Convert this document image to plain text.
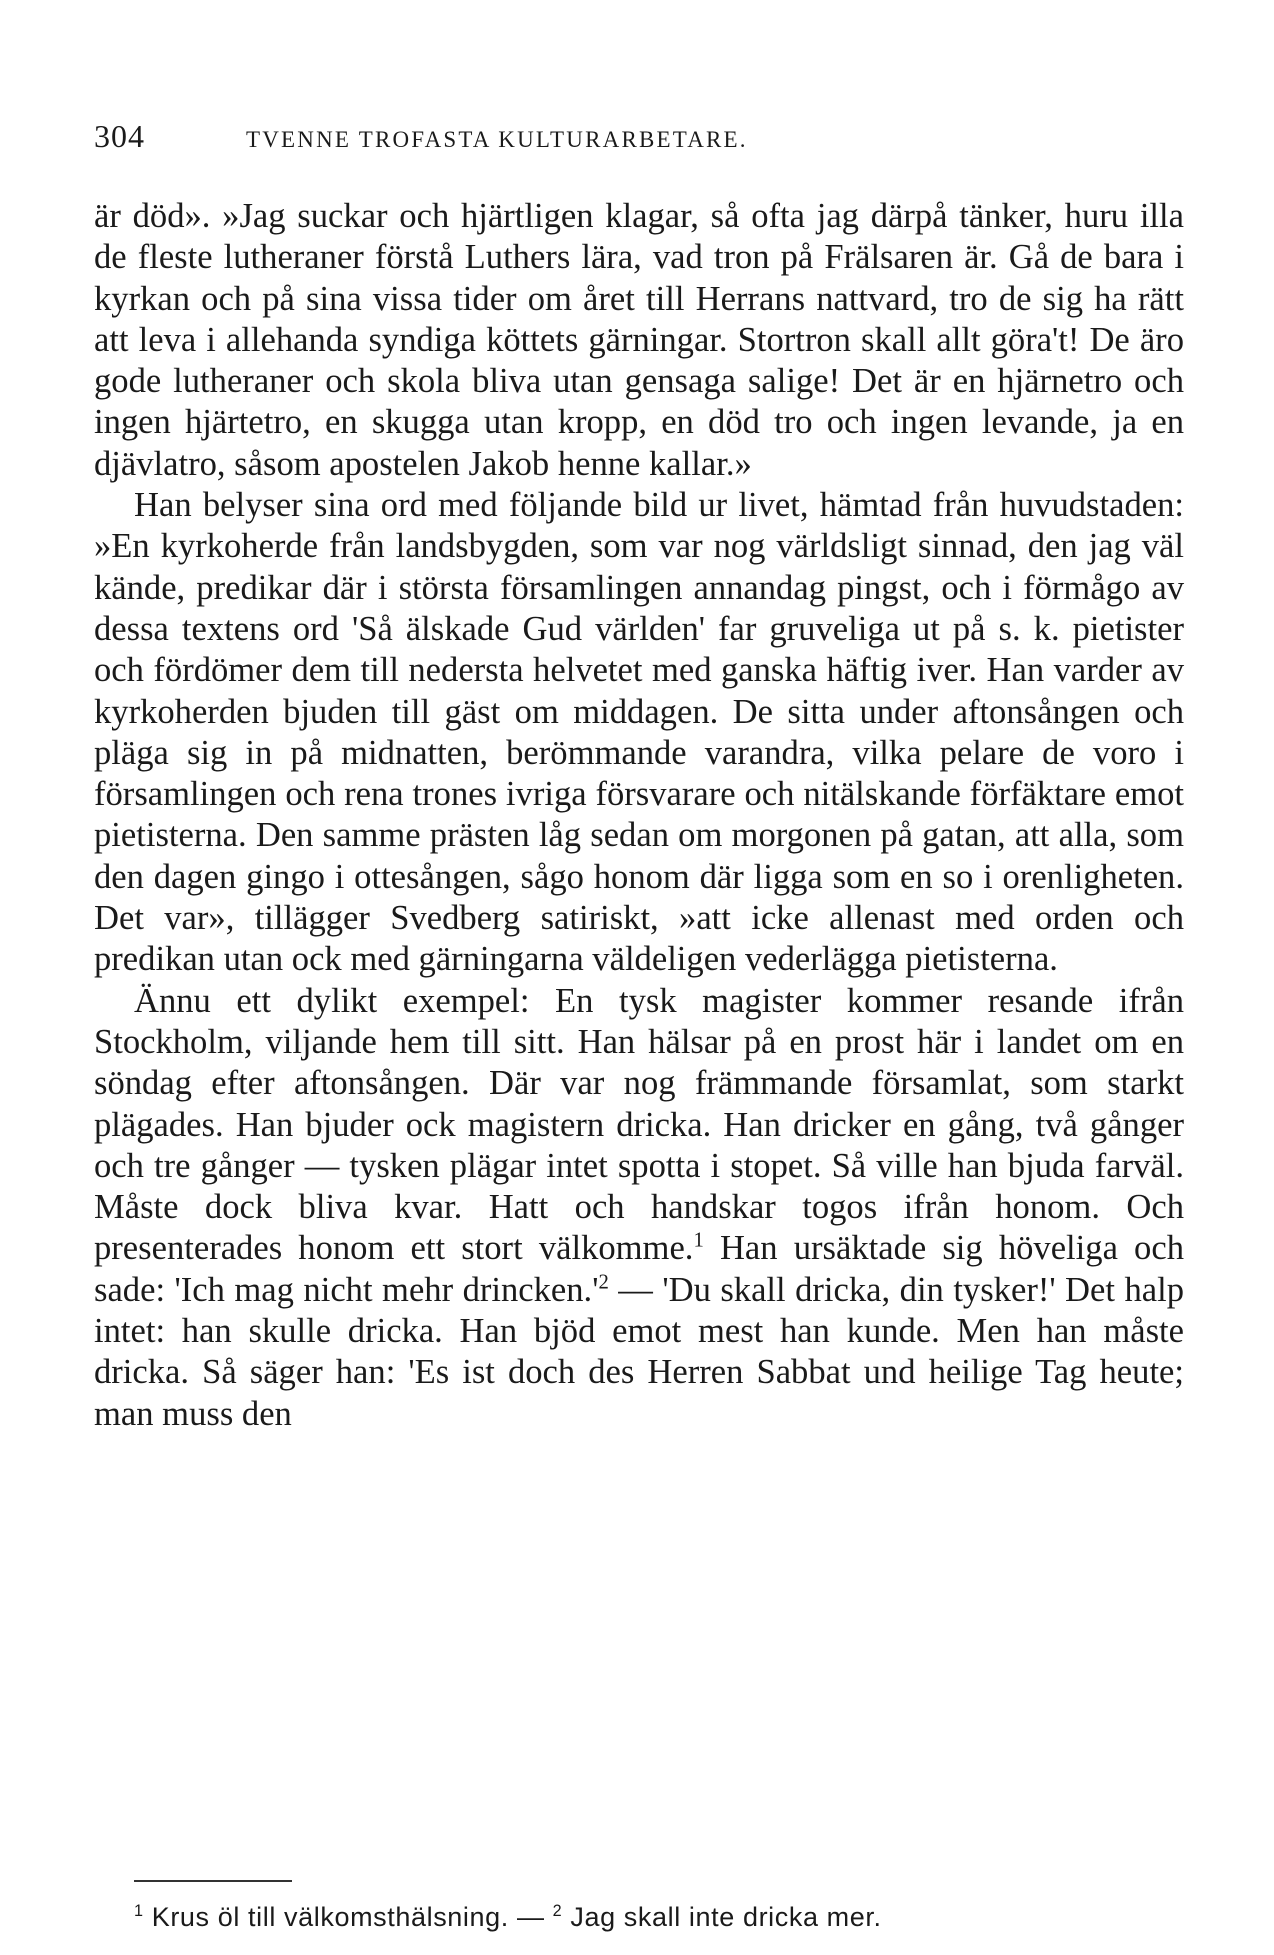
304	TVENNE TROFASTA KULTURARBETARE.

är död». »Jag suckar och hjärtligen klagar, så ofta jag därpå tänker, huru illa de fleste lutheraner förstå Luthers lära, vad tron på Frälsaren är. Gå de bara i kyrkan och på sina vissa tider om året till Herrans nattvard, tro de sig ha rätt att leva i allehanda syndiga köttets gärningar. Stortron skall allt göra't! De äro gode lutheraner och skola bliva utan gensaga salige! Det är en hjärnetro och ingen hjärtetro, en skugga utan kropp, en död tro och ingen levande, ja en djävlatro, såsom apostelen Jakob henne kallar.»

Han belyser sina ord med följande bild ur livet, hämtad från huvudstaden: »En kyrkoherde från landsbygden, som var nog världsligt sinnad, den jag väl kände, predikar där i största församlingen annandag pingst, och i förmågo av dessa textens ord 'Så älskade Gud världen' far gruveliga ut på s. k. pietister och fördömer dem till nedersta helvetet med ganska häftig iver. Han varder av kyrkoherden bjuden till gäst om middagen. De sitta under aftonsången och pläga sig in på midnatten, berömmande varandra, vilka pelare de voro i församlingen och rena trones ivriga försvarare och nitälskande förfäktare emot pietisterna. Den samme prästen låg sedan om morgonen på gatan, att alla, som den dagen gingo i ottesången, sågo honom där ligga som en so i orenligheten. Det var», tillägger Svedberg satiriskt, »att icke allenast med orden och predikan utan ock med gärningarna väldeligen vederlägga pietisterna.

Ännu ett dylikt exempel: En tysk magister kommer resande ifrån Stockholm, viljande hem till sitt. Han hälsar på en prost här i landet om en söndag efter aftonsången. Där var nog främmande församlat, som starkt plägades. Han bjuder ock magistern dricka. Han dricker en gång, två gånger och tre gånger — tysken plägar intet spotta i stopet. Så ville han bjuda farväl. Måste dock bliva kvar. Hatt och handskar togos ifrån honom. Och presenterades honom ett stort välkomme.$^1$ Han ursäktade sig höveliga och sade: 'Ich mag nicht mehr $drincken.'^2$ — 'Du skall dricka, din tysker!' Det halp intet: han skulle dricka. Han bjöd emot mest han kunde. Men han måste dricka. Så säger han: 'Es ist doch des Herren Sabbat und heilige Tag heute; man muss den

$^1$ Krus öl till välkomsthälsning. — $^2$ Jag skall inte dricka mer.
